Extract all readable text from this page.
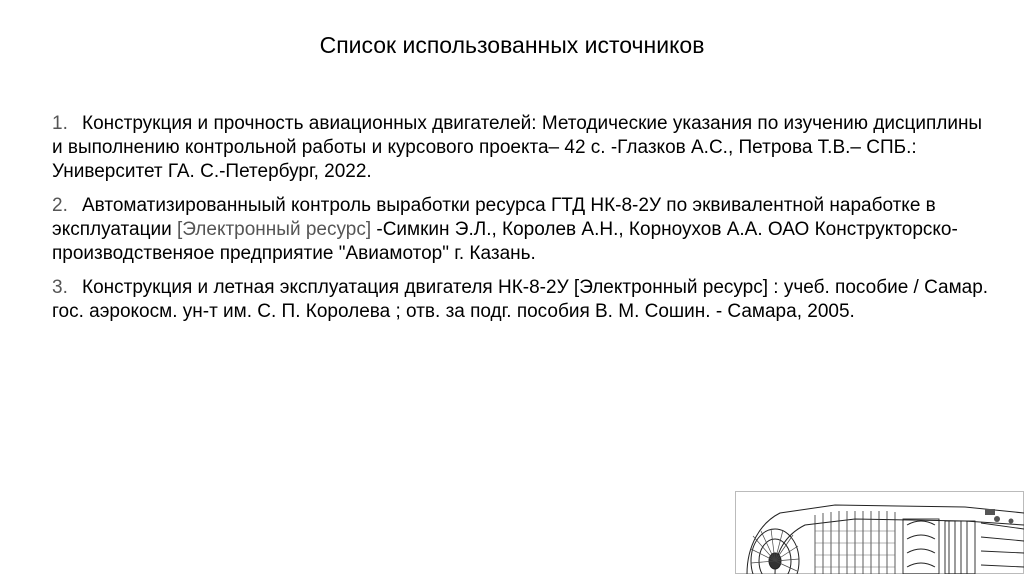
Список использованных источников
1. Конструкция и прочность авиационных двигателей: Методические указания по изучению дисциплины и выполнению контрольной работы и курсового проекта– 42 с. -Глазков А.С., Петрова Т.В.– СПБ.: Университет ГА. С.-Петербург, 2022.
2. Автоматизированныый контроль выработки ресурса ГТД НК-8-2У по эквивалентной наработке в эксплуатации [Электронный ресурс] -Симкин Э.Л., Королев А.Н., Корноухов А.А. ОАО Конструкторско-производственяое предприятие "Авиамотор" г. Казань.
3. Конструкция и летная эксплуатация двигателя НК-8-2У [Электронный ресурс] : учеб. пособие / Самар. гос. аэрокосм. ун-т им. С. П. Королева ; отв. за подг. пособия В. М. Сошин. - Самара, 2005.
